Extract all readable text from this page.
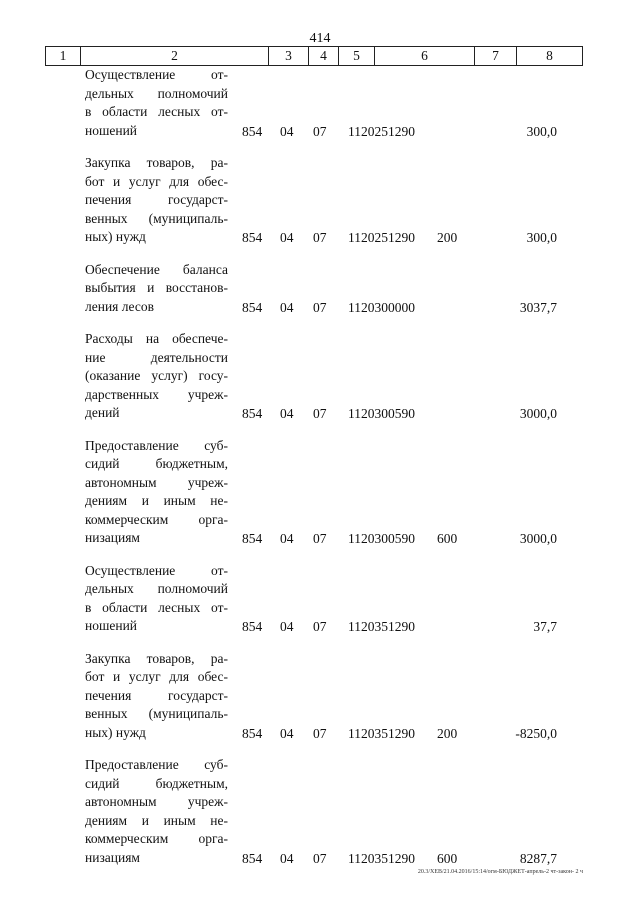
414
1	2	3	4	5	6	7	8
Осуществление от-
дельных полномочий
в области лесных от-
ношений	854 04 07 1120251290	300,0
Закупка товаров, ра-
бот и услуг для обес-
печения государст-
венных (муниципаль-
ных) нужд	854 04 07 1120251290 200	300,0
Обеспечение баланса
выбытия и восстанов-
ления лесов	854 04 07 1120300000	3037,7
Расходы на обеспече-
ние деятельности
(оказание услуг) госу-
дарственных учреж-
дений	854 04 07 1120300590	3000,0
Предоставление суб-
сидий бюджетным,
автономным учреж-
дениям и иным не-
коммерческим орга-
низациям	854 04 07 1120300590 600	3000,0
Осуществление от-
дельных полномочий
в области лесных от-
ношений	854 04 07 1120351290	37,7
Закупка товаров, ра-
бот и услуг для обес-
печения государст-
венных (муниципаль-
ных) нужд	854 04 07 1120351290 200	-8250,0
Предоставление суб-
сидий бюджетным,
автономным учреж-
дениям и иным не-
коммерческим орга-
низациям	854 04 07 1120351290 600	8287,7
20.3/ХЕВ/21.04.2016/15:14/огм-БЮДЖЕТ-апрель-2 чт-закон- 2 ч
